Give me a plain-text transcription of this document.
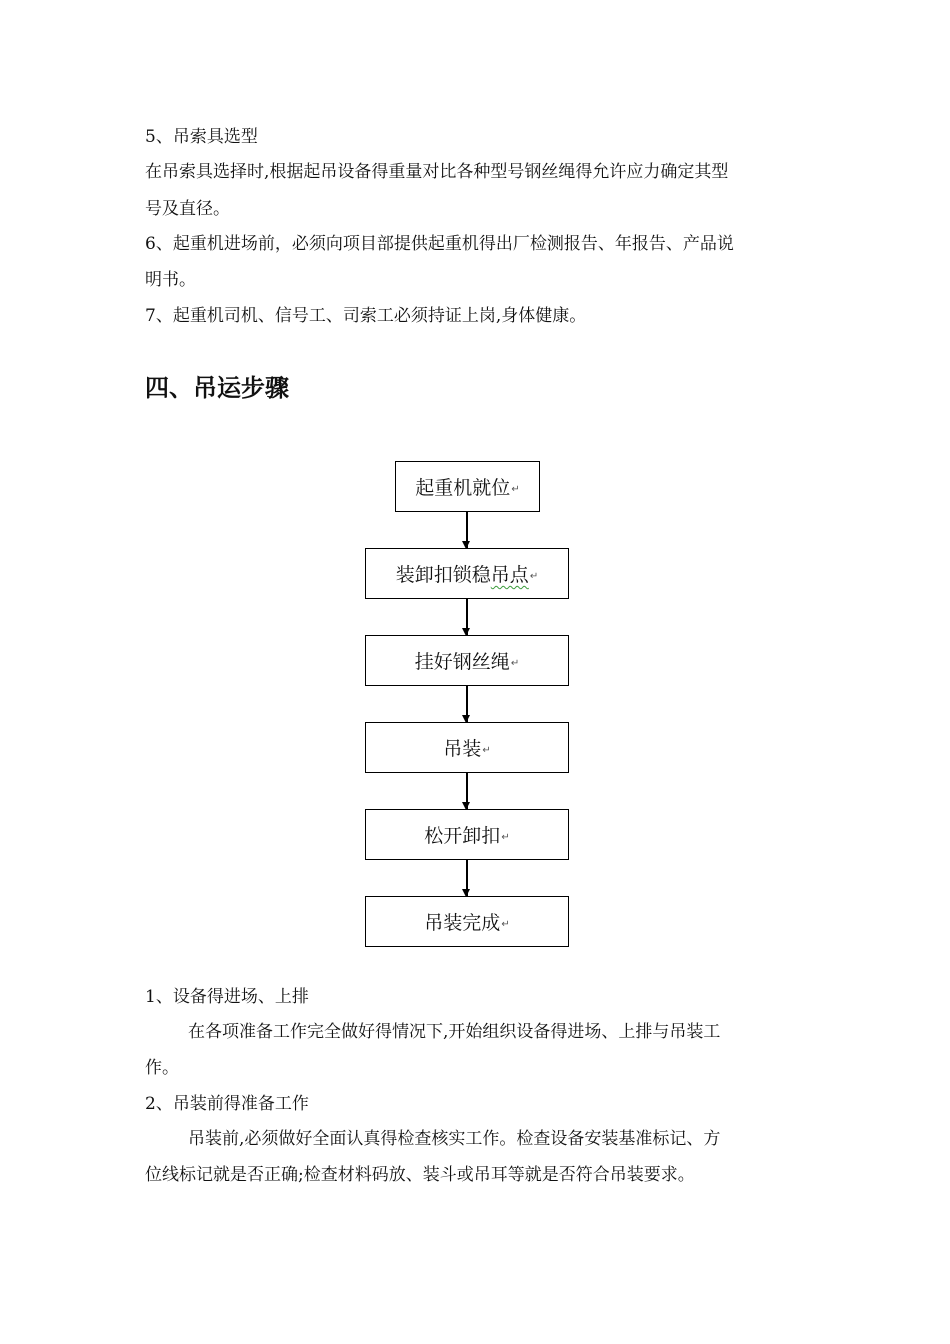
5、吊索具选型
在吊索具选择时,根据起吊设备得重量对比各种型号钢丝绳得允许应力确定其型
号及直径。
6、起重机进场前，必须向项目部提供起重机得出厂检测报告、年报告、产品说
明书。
7、起重机司机、信号工、司索工必须持证上岗,身体健康。
四、吊运步骤
起重机就位 ↵
装卸扣锁稳 吊点 ↵
挂好钢丝绳 ↵
吊装 ↵
松开卸扣 ↵
吊装完成 ↵
1、设备得进场、上排
在各项准备工作完全做好得情况下,开始组织设备得进场、上排与吊装工
作。
2、吊装前得准备工作
吊装前,必须做好全面认真得检查核实工作。检查设备安装基准标记、方
位线标记就是否正确;检查材料码放、装斗或吊耳等就是否符合吊装要求。
